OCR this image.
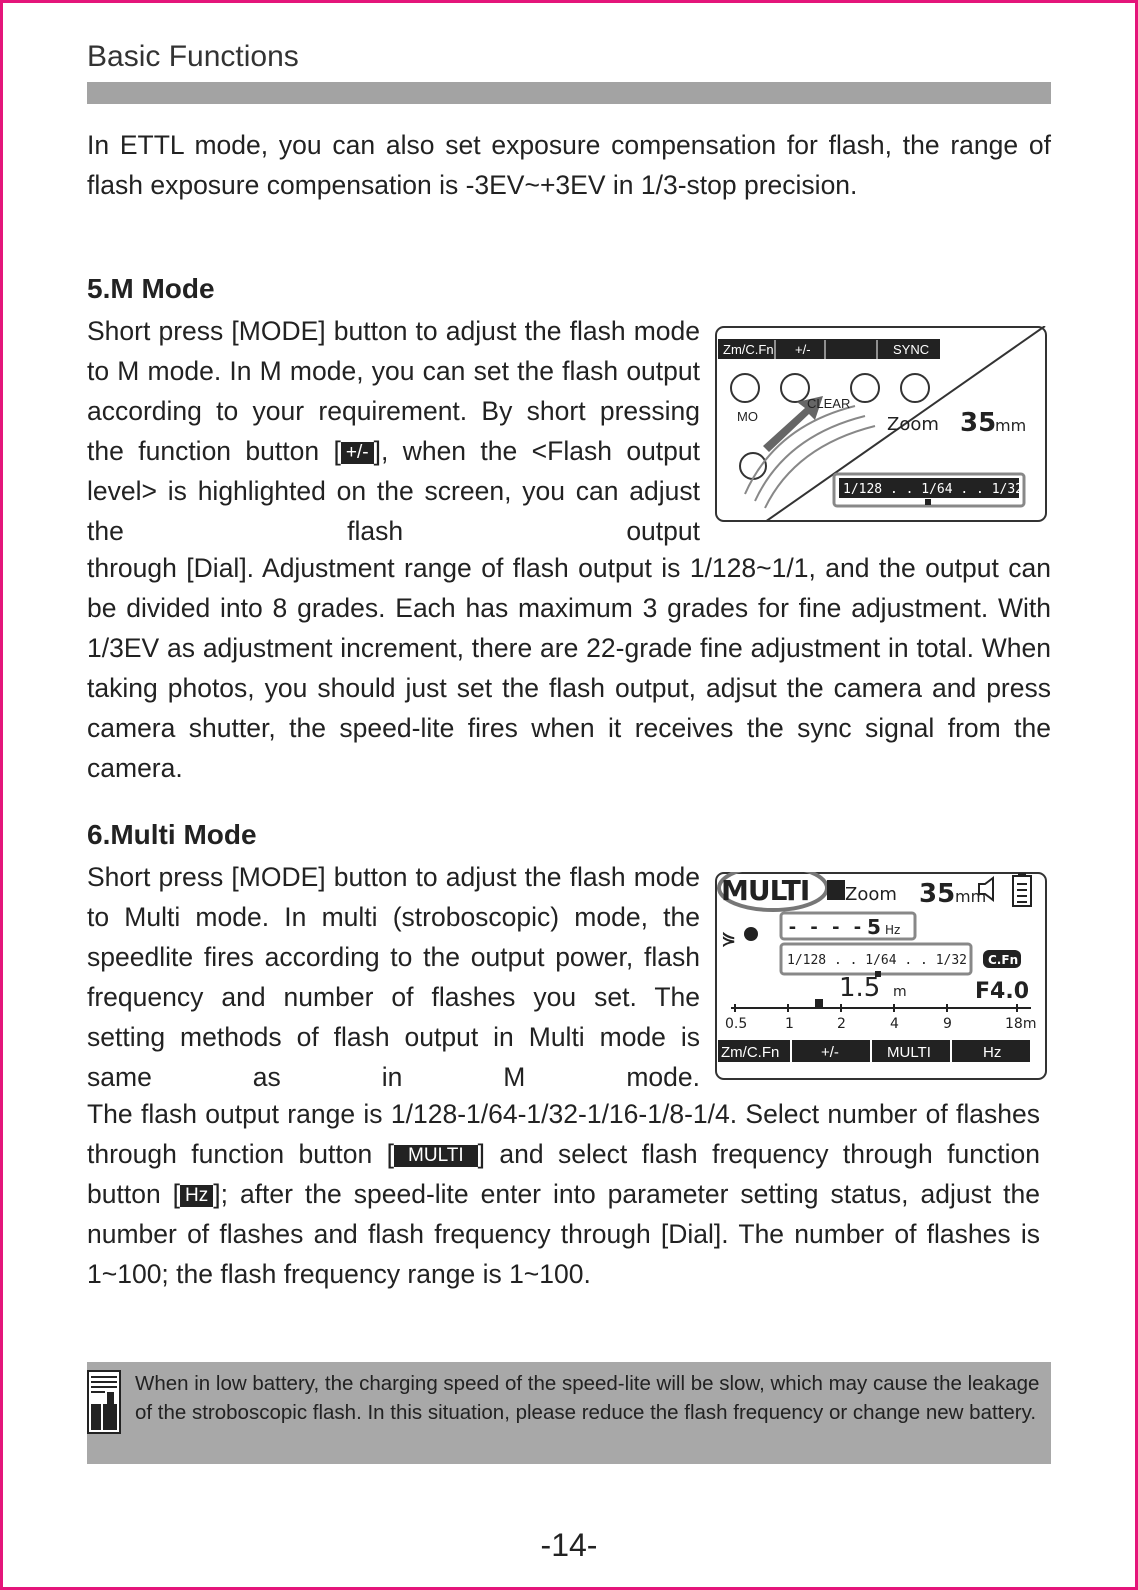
Basic Functions
In ETTL mode, you can also set exposure compensation for flash, the range of flash exposure compensation is -3EV~+3EV in 1/3-stop precision.
5.M Mode
Short press [MODE] button to adjust the flash mode to M mode. In M mode, you can set the flash output according to your requirement. By short pressing the function button [ +/- ], when the <Flash output level> is highlighted on the screen, you can adjust the flash output
through [Dial]. Adjustment range of flash output is 1/128~1/1, and the output can be divided into 8 grades. Each has maximum 3 grades for fine adjustment. With 1/3EV as adjustment increment, there are 22-grade fine adjustment in total. When taking photos, you should just set the flash output, adjsut the camera and press camera shutter, the speed-lite fires when it receives the sync signal from the camera.
Zm/C.Fn +/-	SYNC
CLEAR
MO	Zoom 35
mm
1/128 . . 1/64 . . 1/32
6.Multi Mode
Short press [MODE] button to adjust the flash mode to Multi mode. In multi (stroboscopic) mode, the speedlite fires according to the output power, flash frequency and number of flashes you set. The setting methods of flash output in Multi mode is same as in M mode.
The flash output range is 1/128-1/64-1/32-1/16-1/8-1/4. Select number of flashes through function button [ MULTI ] and select flash frequency through function button [ Hz ]; after the speed-lite enter into parameter setting status, adjust the number of flashes and flash frequency through [Dial]. The number of flashes is 1~100; the flash frequency range is 1~100.
MULTI Zoom 35 mm
- - - - 5 Hz
⋟
1/128 . . 1/64 . . 1/32 C.Fn
1.5 m	F4.0
0.5	1	2	4	9	18m
Zm/C.Fn	+/-	MULTI	Hz
When in low battery, the charging speed of the speed-lite will be slow, which may cause the leakage of the stroboscopic flash. In this situation, please reduce the flash frequency or change new battery.
-14-
